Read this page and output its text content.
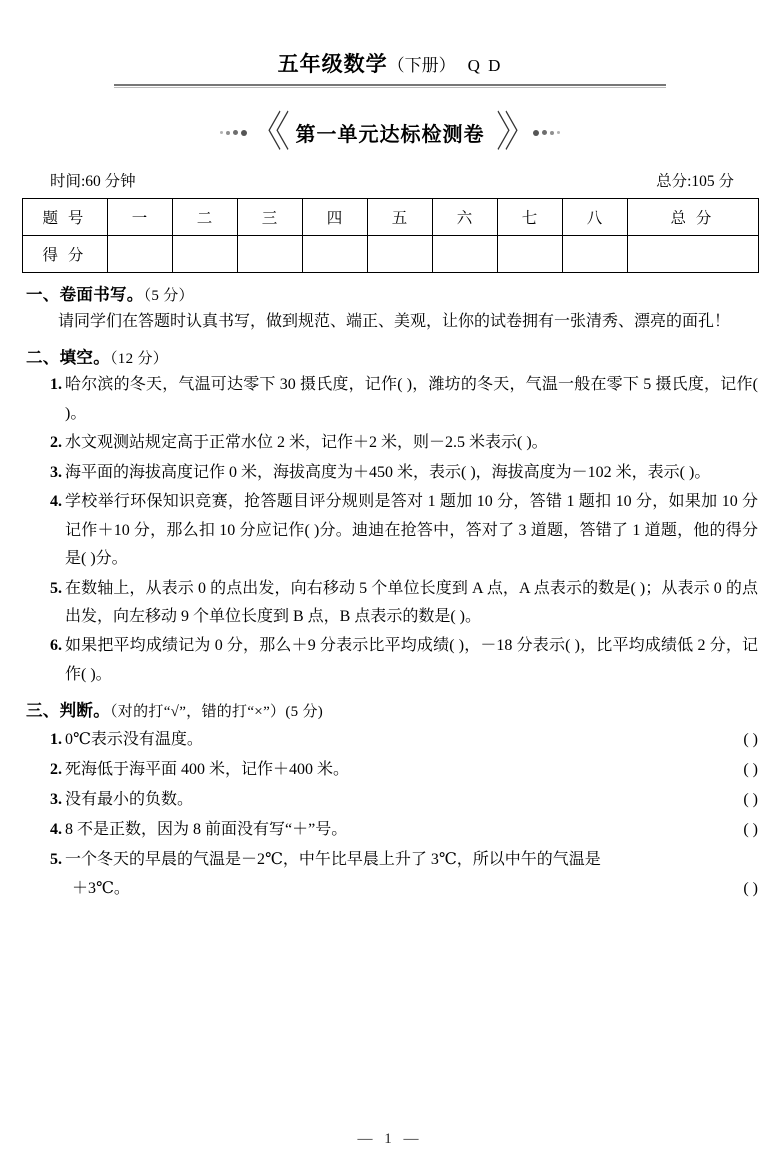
五年级数学（下册） Q D
〈〈 第一单元达标检测卷 〉〉
时间:60 分钟	总分:105 分
题 号	一	二	三	四	五	六	七	八	总 分
得 分									
一、卷面书写。（5 分）
请同学们在答题时认真书写，做到规范、端正、美观，让你的试卷拥有一张清秀、漂亮的面孔！
二、填空。（12 分）
1. 哈尔滨的冬天，气温可达零下 30 摄氏度，记作( )，潍坊的冬天，气温一般在零下 5 摄氏度，记作( )。
2. 水文观测站规定高于正常水位 2 米，记作＋2 米，则－2.5 米表示( )。
3. 海平面的海拔高度记作 0 米，海拔高度为＋450 米，表示( )，海拔高度为－102 米，表示( )。
4. 学校举行环保知识竞赛，抢答题目评分规则是答对 1 题加 10 分，答错 1 题扣 10 分，如果加 10 分记作＋10 分，那么扣 10 分应记作( )分。迪迪在抢答中，答对了 3 道题，答错了 1 道题，他的得分是( )分。
5. 在数轴上，从表示 0 的点出发，向右移动 5 个单位长度到 A 点，A 点表示的数是( )；从表示 0 的点出发，向左移动 9 个单位长度到 B 点，B 点表示的数是( )。
6. 如果把平均成绩记为 0 分，那么＋9 分表示比平均成绩( )，－18 分表示( )，比平均成绩低 2 分，记作( )。
三、判断。（对的打“√”，错的打“×”）(5 分)
1. 0℃表示没有温度。	( )
2. 死海低于海平面 400 米，记作＋400 米。	( )
3. 没有最小的负数。	( )
4. 8 不是正数，因为 8 前面没有写“＋”号。	( )
5. 一个冬天的早晨的气温是－2℃，中午比早晨上升了 3℃，所以中午的气温是
＋3℃。	( )
— 1 —
